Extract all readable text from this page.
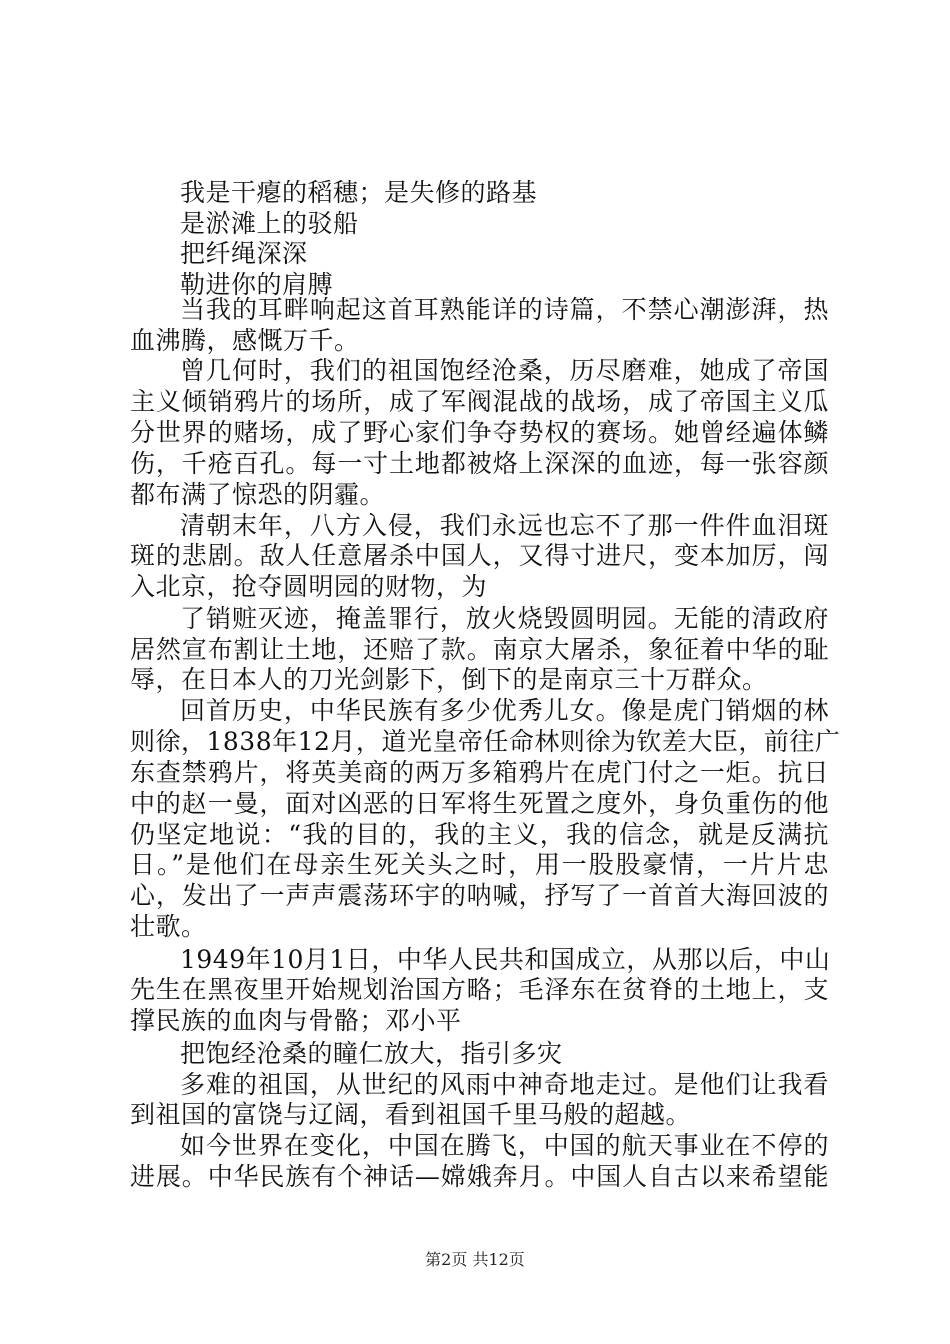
我是干瘪的稻穗；是失修的路基
是淤滩上的驳船
把纤绳深深
勒进你的肩膊
当我的耳畔响起这首耳熟能详的诗篇，不禁心潮澎湃，热
血沸腾，感慨万千。
曾几何时，我们的祖国饱经沧桑，历尽磨难，她成了帝国
主义倾销鸦片的场所，成了军阀混战的战场，成了帝国主义瓜
分世界的赌场，成了野心家们争夺势权的赛场。她曾经遍体鳞
伤，千疮百孔。每一寸土地都被烙上深深的血迹，每一张容颜
都布满了惊恐的阴霾。
清朝末年，八方入侵，我们永远也忘不了那一件件血泪斑
斑的悲剧。敌人任意屠杀中国人，又得寸进尺，变本加厉，闯
入北京，抢夺圆明园的财物，为
了销赃灭迹，掩盖罪行，放火烧毁圆明园。无能的清政府
居然宣布割让土地，还赔了款。南京大屠杀，象征着中华的耻
辱，在日本人的刀光剑影下，倒下的是南京三十万群众。
回首历史，中华民族有多少优秀儿女。像是虎门销烟的林
则徐，1838年12月，道光皇帝任命林则徐为钦差大臣，前往广
东查禁鸦片，将英美商的两万多箱鸦片在虎门付之一炬。抗日
中的赵一曼，面对凶恶的日军将生死置之度外，身负重伤的他
仍坚定地说：“我的目的，我的主义，我的信念，就是反满抗
日。”是他们在母亲生死关头之时，用一股股豪情，一片片忠
心，发出了一声声震荡环宇的呐喊，抒写了一首首大海回波的
壮歌。
1949年10月1日，中华人民共和国成立，从那以后，中山
先生在黑夜里开始规划治国方略；毛泽东在贫脊的土地上，支
撑民族的血肉与骨骼；邓小平
把饱经沧桑的瞳仁放大，指引多灾
多难的祖国，从世纪的风雨中神奇地走过。是他们让我看
到祖国的富饶与辽阔，看到祖国千里马般的超越。
如今世界在变化，中国在腾飞，中国的航天事业在不停的
进展。中华民族有个神话—嫦娥奔月。中国人自古以来希望能
第2页 共12页
